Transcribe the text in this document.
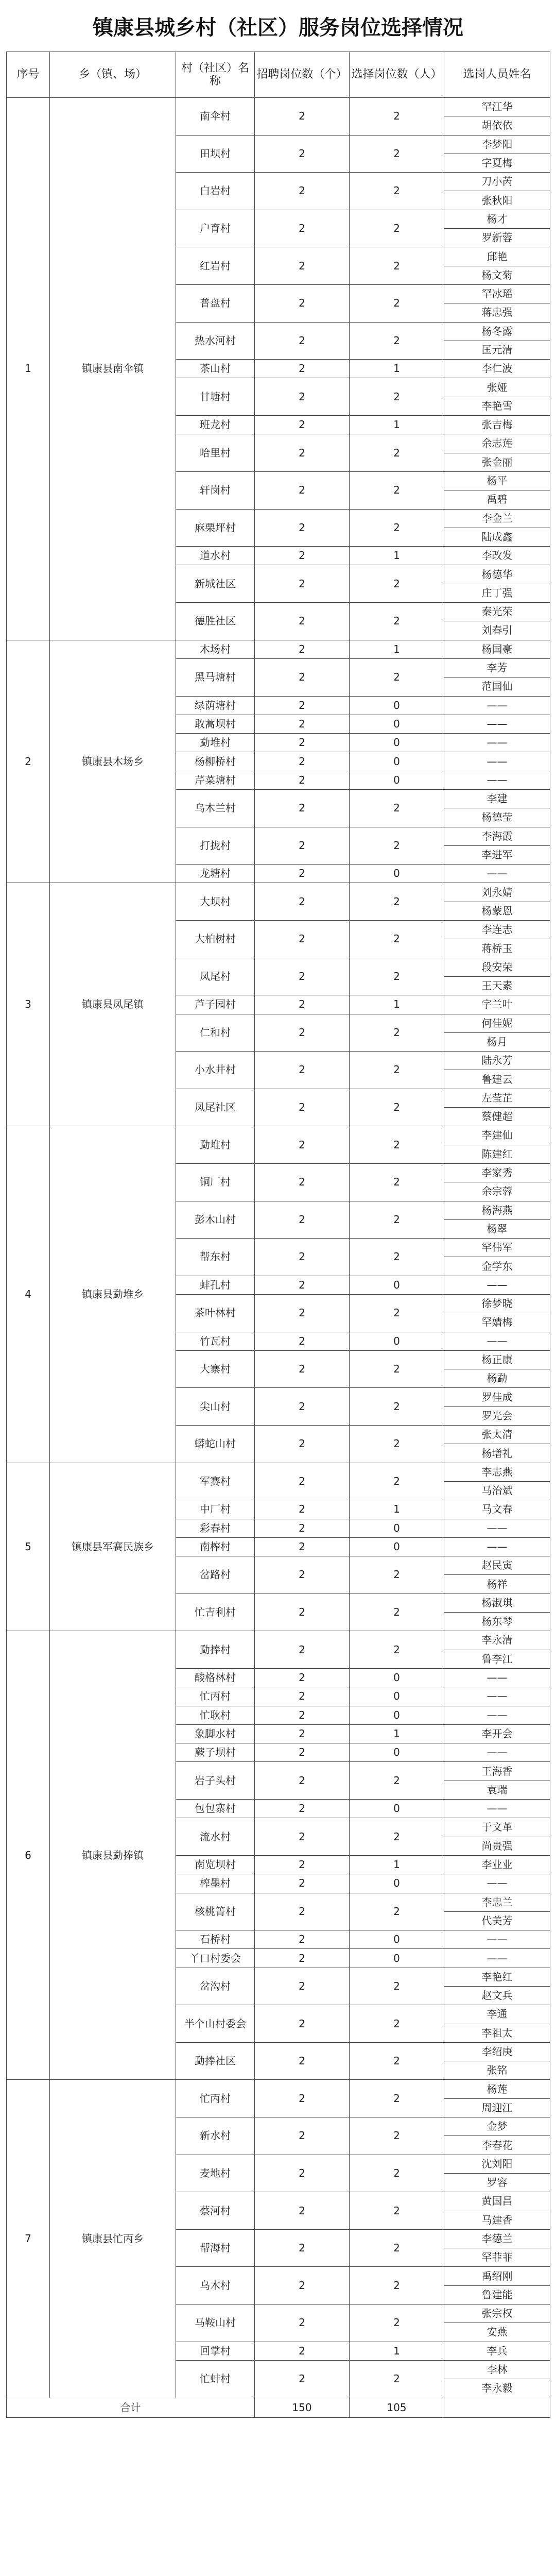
镇康县城乡村（社区）服务岗位选择情况
序号	乡（镇、场）	村（社区）名称	招聘岗位数（个）	选择岗位数（人）	选岗人员姓名
1	镇康县南伞镇	南伞村	2	2	罕江华
					胡依依
		田坝村	2	2	李梦阳
					字夏梅
		白岩村	2	2	刀小芮
					张秋阳
		户育村	2	2	杨才
					罗新蓉
		红岩村	2	2	邱艳
					杨文菊
		普盘村	2	2	罕冰瑶
					蒋忠强
		热水河村	2	2	杨冬露
					匡元清
		茶山村	2	1	李仁波
		甘塘村	2	2	张娅
					李艳雪
		班龙村	2	1	张吉梅
		哈里村	2	2	余志莲
					张金丽
		轩岗村	2	2	杨平
					禹碧
		麻栗坪村	2	2	李金兰
					陆成鑫
		道水村	2	1	李改发
		新城社区	2	2	杨德华
					庄丁强
		德胜社区	2	2	秦光荣
					刘春引
2	镇康县木场乡	木场村	2	1	杨国豪
		黑马塘村	2	2	李芳
					范国仙
		绿荫塘村	2	0	——
		敢蒿坝村	2	0	——
		勐堆村	2	0	——
		杨柳桥村	2	0	——
		芹菜塘村	2	0	——
		乌木兰村	2	2	李建
					杨德莹
		打拢村	2	2	李海霞
					李进军
		龙塘村	2	0	——
3	镇康县凤尾镇	大坝村	2	2	刘永婧
					杨蒙恩
		大柏树村	2	2	李连志
					蒋桥玉
		凤尾村	2	2	段安荣
					王天素
		芦子园村	2	1	字兰叶
		仁和村	2	2	何佳妮
					杨月
		小水井村	2	2	陆永芳
					鲁建云
		凤尾社区	2	2	左莹芷
					蔡健超
4	镇康县勐堆乡	勐堆村	2	2	李建仙
					陈建红
		铜厂村	2	2	李家秀
					余宗蓉
		彭木山村	2	2	杨海燕
					杨翠
		帮东村	2	2	罕伟军
					金学东
		蚌孔村	2	0	——
		茶叶林村	2	2	徐梦晓
					罕婧梅
		竹瓦村	2	0	——
		大寨村	2	2	杨正康
					杨勐
		尖山村	2	2	罗佳成
					罗光会
		蟒蛇山村	2	2	张太清
					杨增礼
5	镇康县军赛民族乡	军赛村	2	2	李志燕
					马治斌
		中厂村	2	1	马文春
		彩春村	2	0	——
		南榨村	2	0	——
		岔路村	2	2	赵民寅
					杨祥
		忙吉利村	2	2	杨淑琪
					杨东琴
6	镇康县勐捧镇	勐捧村	2	2	李永清
					鲁李江
		酸格林村	2	0	——
		忙丙村	2	0	——
		忙耿村	2	0	——
		象脚水村	2	1	李开会
		蕨子坝村	2	0	——
		岩子头村	2	2	王海香
					袁瑞
		包包寨村	2	0	——
		流水村	2	2	于文革
					尚贵强
		南览坝村	2	1	李业业
		榨墨村	2	0	——
		核桃箐村	2	2	李忠兰
					代美芳
		石桥村	2	0	——
		丫口村委会	2	0	——
		岔沟村	2	2	李艳红
					赵文兵
		半个山村委会	2	2	李通
					李祖太
		勐捧社区	2	2	李绍庚
					张铭
7	镇康县忙丙乡	忙丙村	2	2	杨莲
					周迎江
		新水村	2	2	金梦
					李春花
		麦地村	2	2	沈刘阳
					罗容
		蔡河村	2	2	黄国昌
					马建香
		帮海村	2	2	李德兰
					罕菲菲
		乌木村	2	2	禹绍刚
					鲁建能
		马鞍山村	2	2	张宗权
					安燕
		回掌村	2	1	李兵
		忙蚌村	2	2	李林
					李永毅
合计			150	105	
